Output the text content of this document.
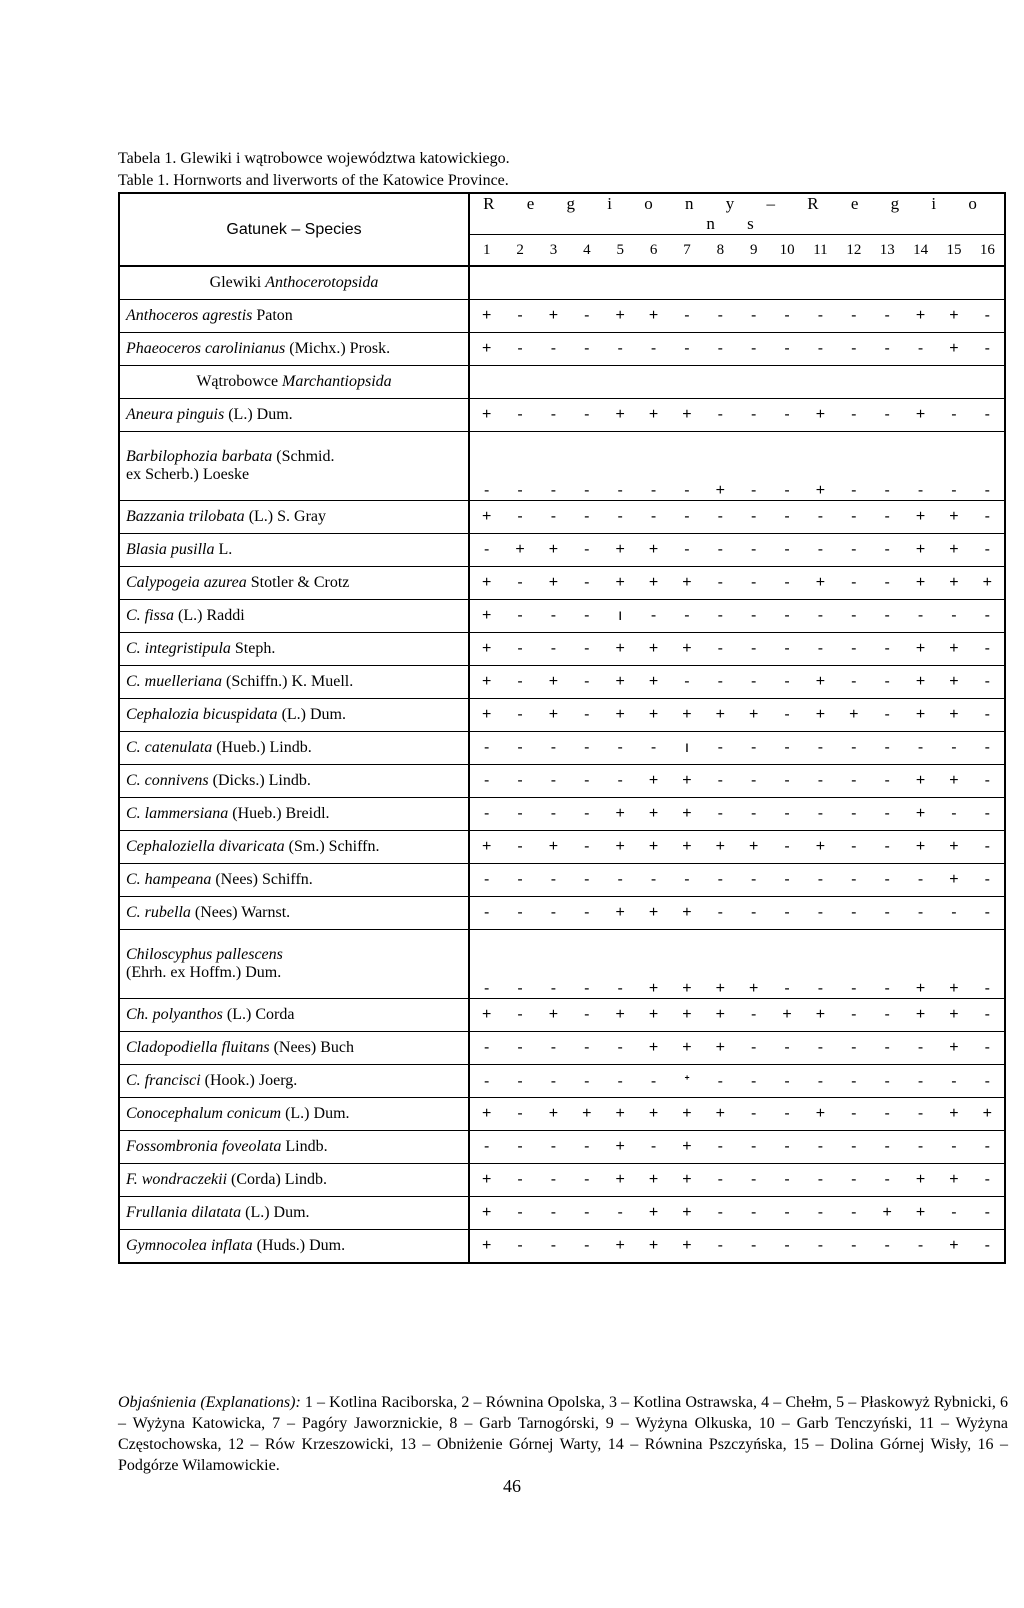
Tabela 1. Glewiki i wątrobowce województwa katowickiego.
Table 1. Hornworts and liverworts of the Katowice Province.
Gatunek – Species	R e g i o n y – R e g i o n s
	1 2 3 4 5 6 7 8 9 10 11 12 13 14 15 16
Glewiki Anthocerotopsida	
Anthoceros agrestis Paton	+ - + - + + - - - - - - - + + -
Phaeoceros carolinianus (Michx.) Prosk.	+ - - - - - - - - - - - - - + -
Wątrobowce Marchantiopsida	
Aneura pinguis (L.) Dum.	+ - - - + + + - - - + - - + - -
Barbilophozia barbata (Schmid.
ex Scherb.) Loeske	- - - - - - - + - - + - - - - -
Bazzania trilobata (L.) S. Gray	+ - - - - - - - - - - - - + + -
Blasia pusilla L.	- + + - + + - - - - - - - + + -
Calypogeia azurea Stotler & Crotz	+ - + - + + + - - - + - - + + +
C. fissa (L.) Raddi	+ - - - ı - - - - - - - - - - -
C. integristipula Steph.	+ - - - + + + - - - - - - + + -
C. muelleriana (Schiffn.) K. Muell.	+ - + - + + - - - - + - - + + -
Cephalozia bicuspidata (L.) Dum.	+ - + - + + + + + - + + - + + -
C. catenulata (Hueb.) Lindb.	- - - - - - ı - - - - - - - - -
C. connivens (Dicks.) Lindb.	- - - - - + + - - - - - - + + -
C. lammersiana (Hueb.) Breidl.	- - - - + + + - - - - - - + - -
Cephaloziella divaricata (Sm.) Schiffn.	+ - + - + + + + + - + - - + + -
C. hampeana (Nees) Schiffn.	- - - - - - - - - - - - - - + -
C. rubella (Nees) Warnst.	- - - - + + + - - - - - - - - -
Chiloscyphus pallescens
(Ehrh. ex Hoffm.) Dum.	- - - - - + + + + - - - - + + -
Ch. polyanthos (L.) Corda	+ - + - + + + + - + + - - + + -
Cladopodiella fluitans (Nees) Buch	- - - - - + + + - - - - - - + -
C. francisci (Hook.) Joerg.	- - - - - - ᐩ - - - - - - - - -
Conocephalum conicum (L.) Dum.	+ - + + + + + + - - + - - - + +
Fossombronia foveolata Lindb.	- - - - + - + - - - - - - - - -
F. wondraczekii (Corda) Lindb.	+ - - - + + + - - - - - - + + -
Frullania dilatata (L.) Dum.	+ - - - - + + - - - - - + + - -
Gymnocolea inflata (Huds.) Dum.	+ - - - + + + - - - - - - - + -
Objaśnienia (Explanations): 1 – Kotlina Raciborska, 2 – Równina Opolska, 3 – Kotlina Ostrawska, 4 – Chełm, 5 – Płaskowyż Rybnicki, 6 – Wyżyna Katowicka, 7 – Pagóry Jaworznickie, 8 – Garb Tarnogórski, 9 – Wyżyna Olkuska, 10 – Garb Tenczyński, 11 – Wyżyna Częstochowska, 12 – Rów Krzeszowicki, 13 – Obniżenie Górnej Warty, 14 – Równina Pszczyńska, 15 – Dolina Górnej Wisły, 16 – Podgórze Wilamowickie.
46
